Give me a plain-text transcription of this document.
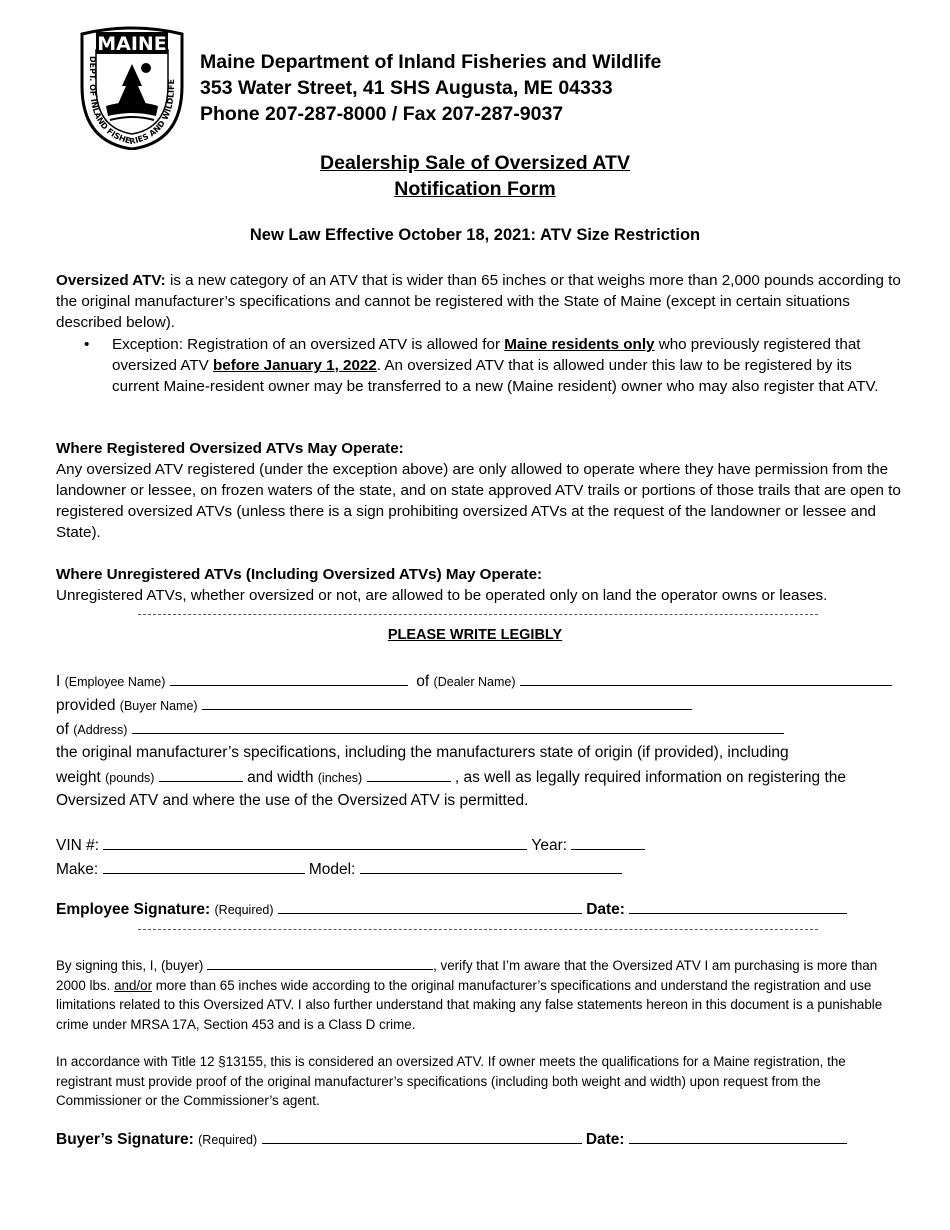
MAINE
DEPT. OF INLAND FISHERIES AND WILDLIFE
Maine Department of Inland Fisheries and Wildlife
353 Water Street, 41 SHS Augusta, ME 04333
Phone 207-287-8000 / Fax 207-287-9037
Dealership Sale of Oversized ATV
Notification Form
New Law Effective October 18, 2021: ATV Size Restriction
Oversized ATV: is a new category of an ATV that is wider than 65 inches or that weighs more than 2,000 pounds according to the original manufacturer’s specifications and cannot be registered with the State of Maine (except in certain situations described below).
• Exception: Registration of an oversized ATV is allowed for Maine residents only who previously registered that oversized ATV before January 1, 2022. An oversized ATV that is allowed under this law to be registered by its current Maine-resident owner may be transferred to a new (Maine resident) owner who may also register that ATV.
Where Registered Oversized ATVs May Operate:
Any oversized ATV registered (under the exception above) are only allowed to operate where they have permission from the landowner or lessee, on frozen waters of the state, and on state approved ATV trails or portions of those trails that are open to registered oversized ATVs (unless there is a sign prohibiting oversized ATVs at the request of the landowner or lessee and State).
Where Unregistered ATVs (Including Oversized ATVs) May Operate:
Unregistered ATVs, whether oversized or not, are allowed to be operated only on land the operator owns or leases.
PLEASE WRITE LEGIBLY
I (Employee Name)	of (Dealer Name)
provided (Buyer Name)
of (Address)
the original manufacturer’s specifications, including the manufacturers state of origin (if provided), including
weight (pounds)	and width (inches)	, as well as legally required information on registering the
Oversized ATV and where the use of the Oversized ATV is permitted.
VIN #:	Year:
Make:	Model:
Employee Signature: (Required)	Date:
By signing this, I, (buyer)	, verify that I’m aware that the Oversized ATV I am purchasing is more than 2000 lbs. and/or more than 65 inches wide according to the original manufacturer’s specifications and understand the registration and use limitations related to this Oversized ATV. I also further understand that making any false statements hereon in this document is a punishable crime under MRSA 17A, Section 453 and is a Class D crime.
In accordance with Title 12 §13155, this is considered an oversized ATV. If owner meets the qualifications for a Maine registration, the registrant must provide proof of the original manufacturer’s specifications (including both weight and width) upon request from the Commissioner or the Commissioner’s agent.
Buyer’s Signature: (Required)	Date:
